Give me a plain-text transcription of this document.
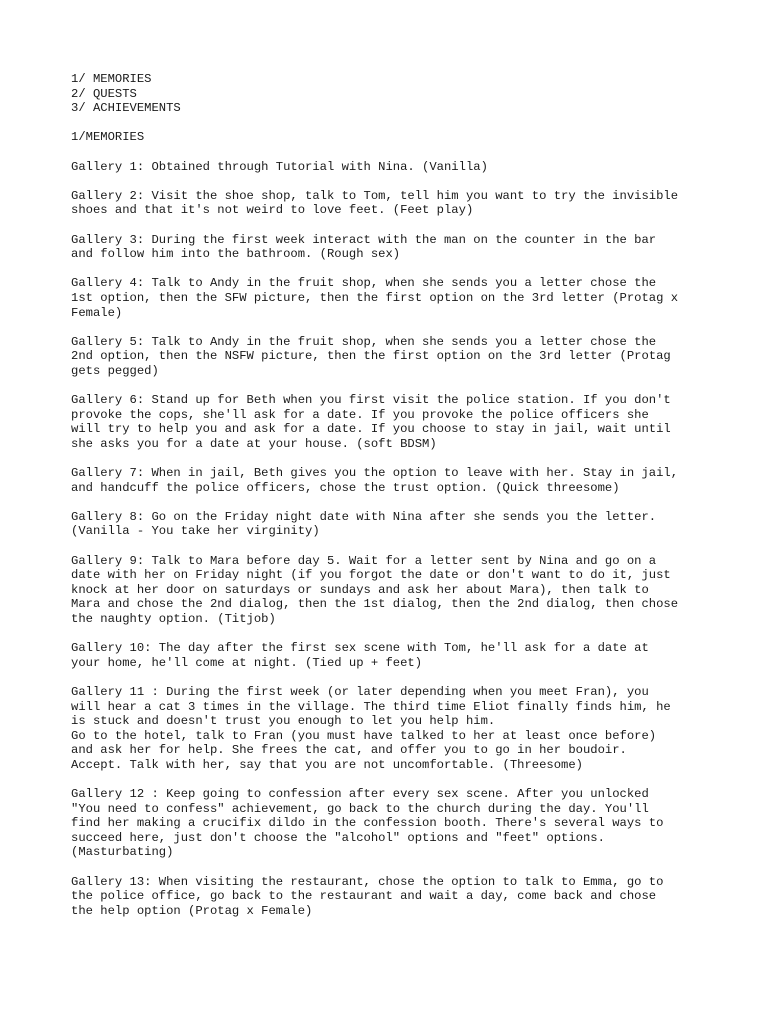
1/ MEMORIES
2/ QUESTS
3/ ACHIEVEMENTS
1/MEMORIES
Gallery 1: Obtained through Tutorial with Nina. (Vanilla)
Gallery 2: Visit the shoe shop, talk to Tom, tell him you want to try the invisible
shoes and that it's not weird to love feet. (Feet play)
Gallery 3: During the first week interact with the man on the counter in the bar
and follow him into the bathroom. (Rough sex)
Gallery 4: Talk to Andy in the fruit shop, when she sends you a letter chose the
1st option, then the SFW picture, then the first option on the 3rd letter (Protag x
Female)
Gallery 5: Talk to Andy in the fruit shop, when she sends you a letter chose the
2nd option, then the NSFW picture, then the first option on the 3rd letter (Protag
gets pegged)
Gallery 6: Stand up for Beth when you first visit the police station. If you don't
provoke the cops, she'll ask for a date. If you provoke the police officers she
will try to help you and ask for a date. If you choose to stay in jail, wait until
she asks you for a date at your house. (soft BDSM)
Gallery 7: When in jail, Beth gives you the option to leave with her. Stay in jail,
and handcuff the police officers, chose the trust option. (Quick threesome)
Gallery 8: Go on the Friday night date with Nina after she sends you the letter.
(Vanilla - You take her virginity)
Gallery 9: Talk to Mara before day 5. Wait for a letter sent by Nina and go on a
date with her on Friday night (if you forgot the date or don't want to do it, just
knock at her door on saturdays or sundays and ask her about Mara), then talk to
Mara and chose the 2nd dialog, then the 1st dialog, then the 2nd dialog, then chose
the naughty option. (Titjob)
Gallery 10: The day after the first sex scene with Tom, he'll ask for a date at
your home, he'll come at night. (Tied up + feet)
Gallery 11 : During the first week (or later depending when you meet Fran), you
will hear a cat 3 times in the village. The third time Eliot finally finds him, he
is stuck and doesn't trust you enough to let you help him.
Go to the hotel, talk to Fran (you must have talked to her at least once before)
and ask her for help. She frees the cat, and offer you to go in her boudoir.
Accept. Talk with her, say that you are not uncomfortable. (Threesome)
Gallery 12 : Keep going to confession after every sex scene. After you unlocked
"You need to confess" achievement, go back to the church during the day. You'll
find her making a crucifix dildo in the confession booth. There's several ways to
succeed here, just don't choose the "alcohol" options and "feet" options.
(Masturbating)
Gallery 13: When visiting the restaurant, chose the option to talk to Emma, go to
the police office, go back to the restaurant and wait a day, come back and chose
the help option (Protag x Female)
